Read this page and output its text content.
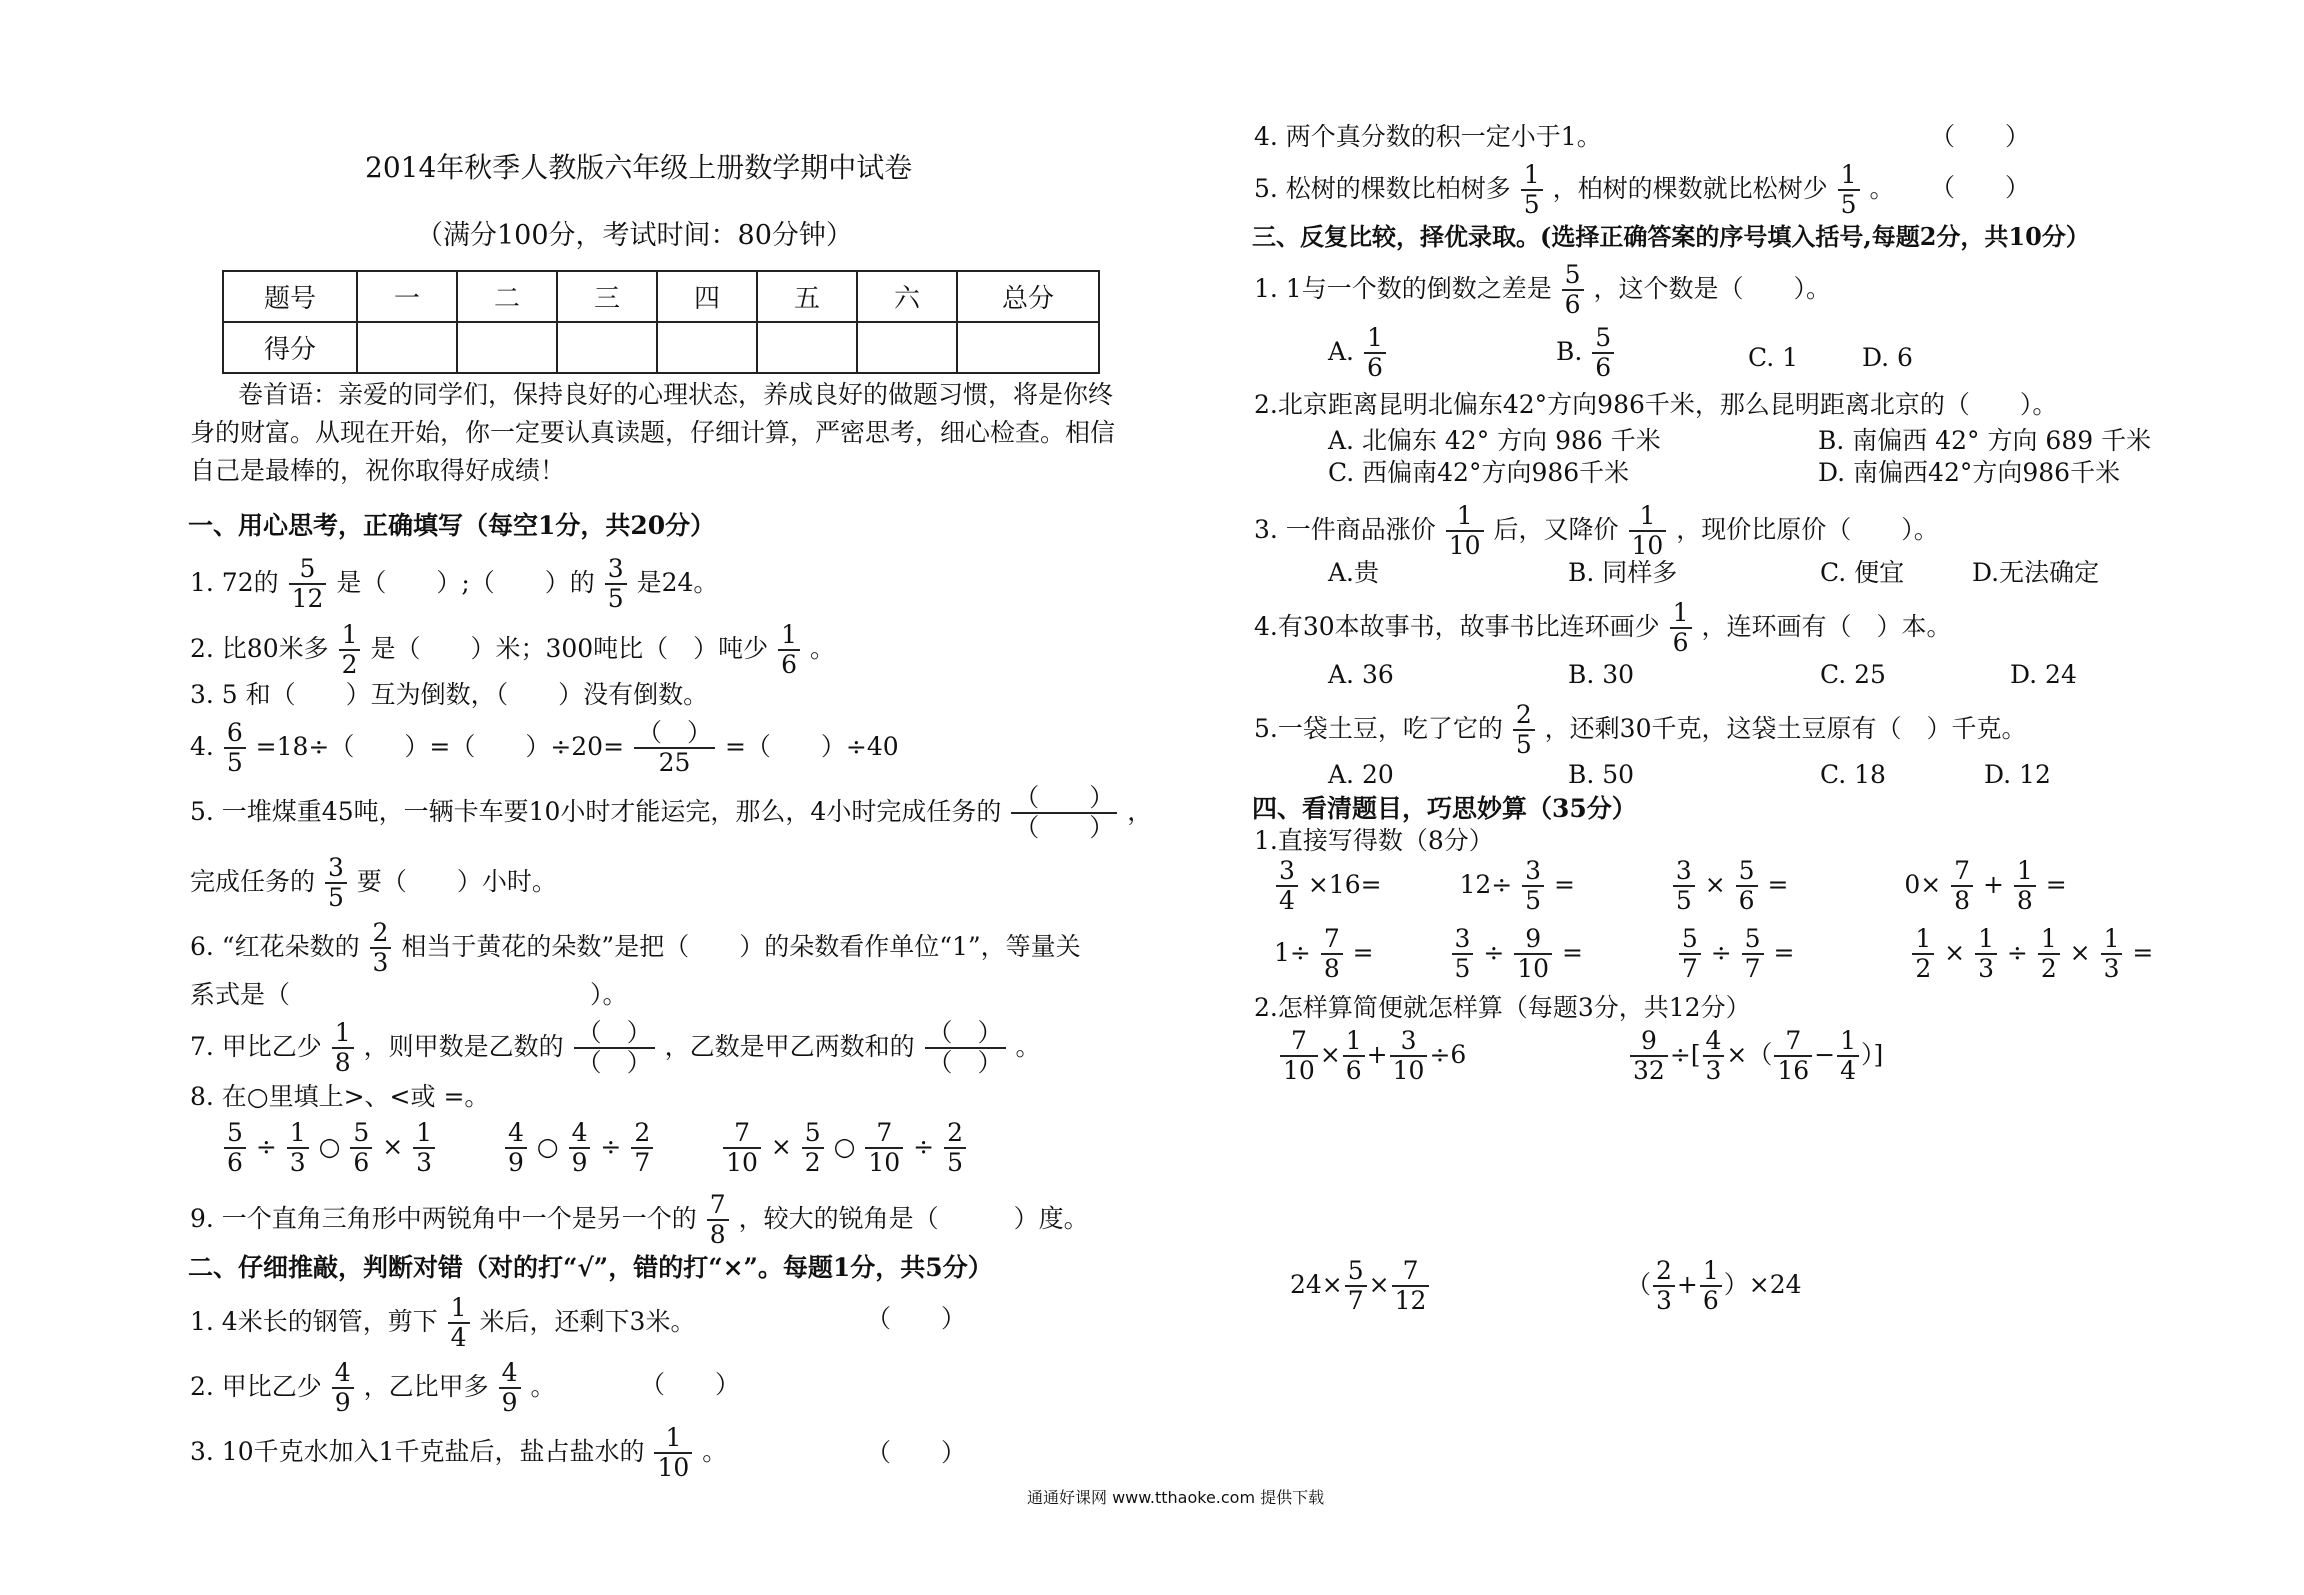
2014年秋季人教版六年级上册数学期中试卷
（满分100分，考试时间：80分钟）
题号	一	二	三	四	五	六	总分
得分							
卷首语：亲爱的同学们，保持良好的心理状态，养成良好的做题习惯，将是你终身的财富。从现在开始，你一定要认真读题，仔细计算，严密思考，细心检查。相信自己是最棒的，祝你取得好成绩！
一、用心思考，正确填写（每空1分，共20分）
1. 72的 $\frac{5}{12}$ 是（　　）;（　　）的 $\frac{3}{5}$ 是24。
2. 比80米多 $\frac{1}{2}$ 是（　　）米；300吨比（　）吨少 $\frac{1}{6}$ 。
3. 5 和（　　）互为倒数，（　　）没有倒数。
4. $\frac{6}{5} =18\div$（　　）=（　　）$\div 20= \frac{( )}{25}$ =（　　）÷40
5. 一堆煤重45吨，一辆卡车要10小时才能运完，那么，4小时完成任务的 $\frac{( )}{( )}$ ，
完成任务的 $\frac{3}{5}$ 要（　　）小时。
6. “红花朵数的 $\frac{2}{3}$ 相当于黄花的朵数”是把（　　）的朵数看作单位“1”，等量关
系式是（　　　　　　　　　　　　）。
7. 甲比乙少 $\frac{1}{8}$ ，则甲数是乙数的 $\frac{( )}{( )}$ ，乙数是甲乙两数和的 $\frac{( )}{( )}$ 。
8. 在○里填上>、<或 =。
$\frac{5}{6} \div \frac{1}{3}$ ○ $\frac{5}{6} \times \frac{1}{3}$
	$\frac{4}{9}$ ○ $\frac{4}{9} \div \frac{2}{7}$
	$\frac{7}{10} \times \frac{5}{2}$ ○ $\frac{7}{10} \div \frac{2}{5}$
9. 一个直角三角形中两锐角中一个是另一个的 $\frac{7}{8}$ ，较大的锐角是（　　　）度。
二、仔细推敲，判断对错（对的打“√”，错的打“×”。每题1分，共5分）
1. 4米长的钢管，剪下 $\frac{1}{4}$ 米后，还剩下3米。	（　　）
2. 甲比乙少 $\frac{4}{9}$ ，乙比甲多 $\frac{4}{9}$ 。	（　　）
3. 10千克水加入1千克盐后，盐占盐水的 $\frac{1}{10}$ 。	（　　）
4. 两个真分数的积一定小于1。	（　　）
5. 松树的棵数比柏树多 $\frac{1}{5}$ ，柏树的棵数就比松树少 $\frac{1}{5}$ 。 （　　）
三、反复比较，择优录取。(选择正确答案的序号填入括号,每题2分，共10分）
1. 1与一个数的倒数之差是 $\frac{5}{6}$ ，这个数是（　　）。
A. $\frac{1}{6}$	B. $\frac{5}{6}$	C. 1	D. 6
2.北京距离昆明北偏东42°方向986千米，那么昆明距离北京的（　　）。
A. 北偏东 42° 方向 986 千米	B. 南偏西 42° 方向 689 千米
C. 西偏南42°方向986千米	D. 南偏西42°方向986千米
3. 一件商品涨价 $\frac{1}{10}$ 后，又降价 $\frac{1}{10}$ ，现价比原价（　　）。
A.贵	B. 同样多	C. 便宜	D.无法确定
4.有30本故事书，故事书比连环画少 $\frac{1}{6}$ ，连环画有（　）本。
A. 36	B. 30	C. 25	D. 24
5.一袋土豆，吃了它的 $\frac{2}{5}$ ，还剩30千克，这袋土豆原有（　）千克。
A. 20	B. 50	C. 18	D. 12
四、看清题目，巧思妙算（35分）
1.直接写得数（8分）
$\frac{3}{4} \times 16= 12\div \frac{3}{5}$ =	$\frac{3}{5} \times \frac{5}{6}$ =	$0\times \frac{7}{8} + \frac{1}{8}$ =
$1\div \frac{7}{8}$ =	$\frac{3}{5} \div \frac{9}{10}$ =	$\frac{5}{7} \div \frac{5}{7}$ =	$\frac{1}{2} \times \frac{1}{3} \div \frac{1}{2} \times \frac{1}{3}$ =
2.怎样算简便就怎样算（每题3分，共12分）
$\frac{7}{10} \times \frac{1}{6} + \frac{3}{10} \div 6$	$\frac{9}{32}$ ÷[ $\frac{4}{3}$ ×（ $\frac{7}{16} - \frac{1}{4}$ ）]
$24\times \frac{5}{7} \times \frac{7}{12}$	（ $\frac{2}{3} + \frac{1}{6} )\times 24$
通通好课网 www.tthaoke.com 提供下载
